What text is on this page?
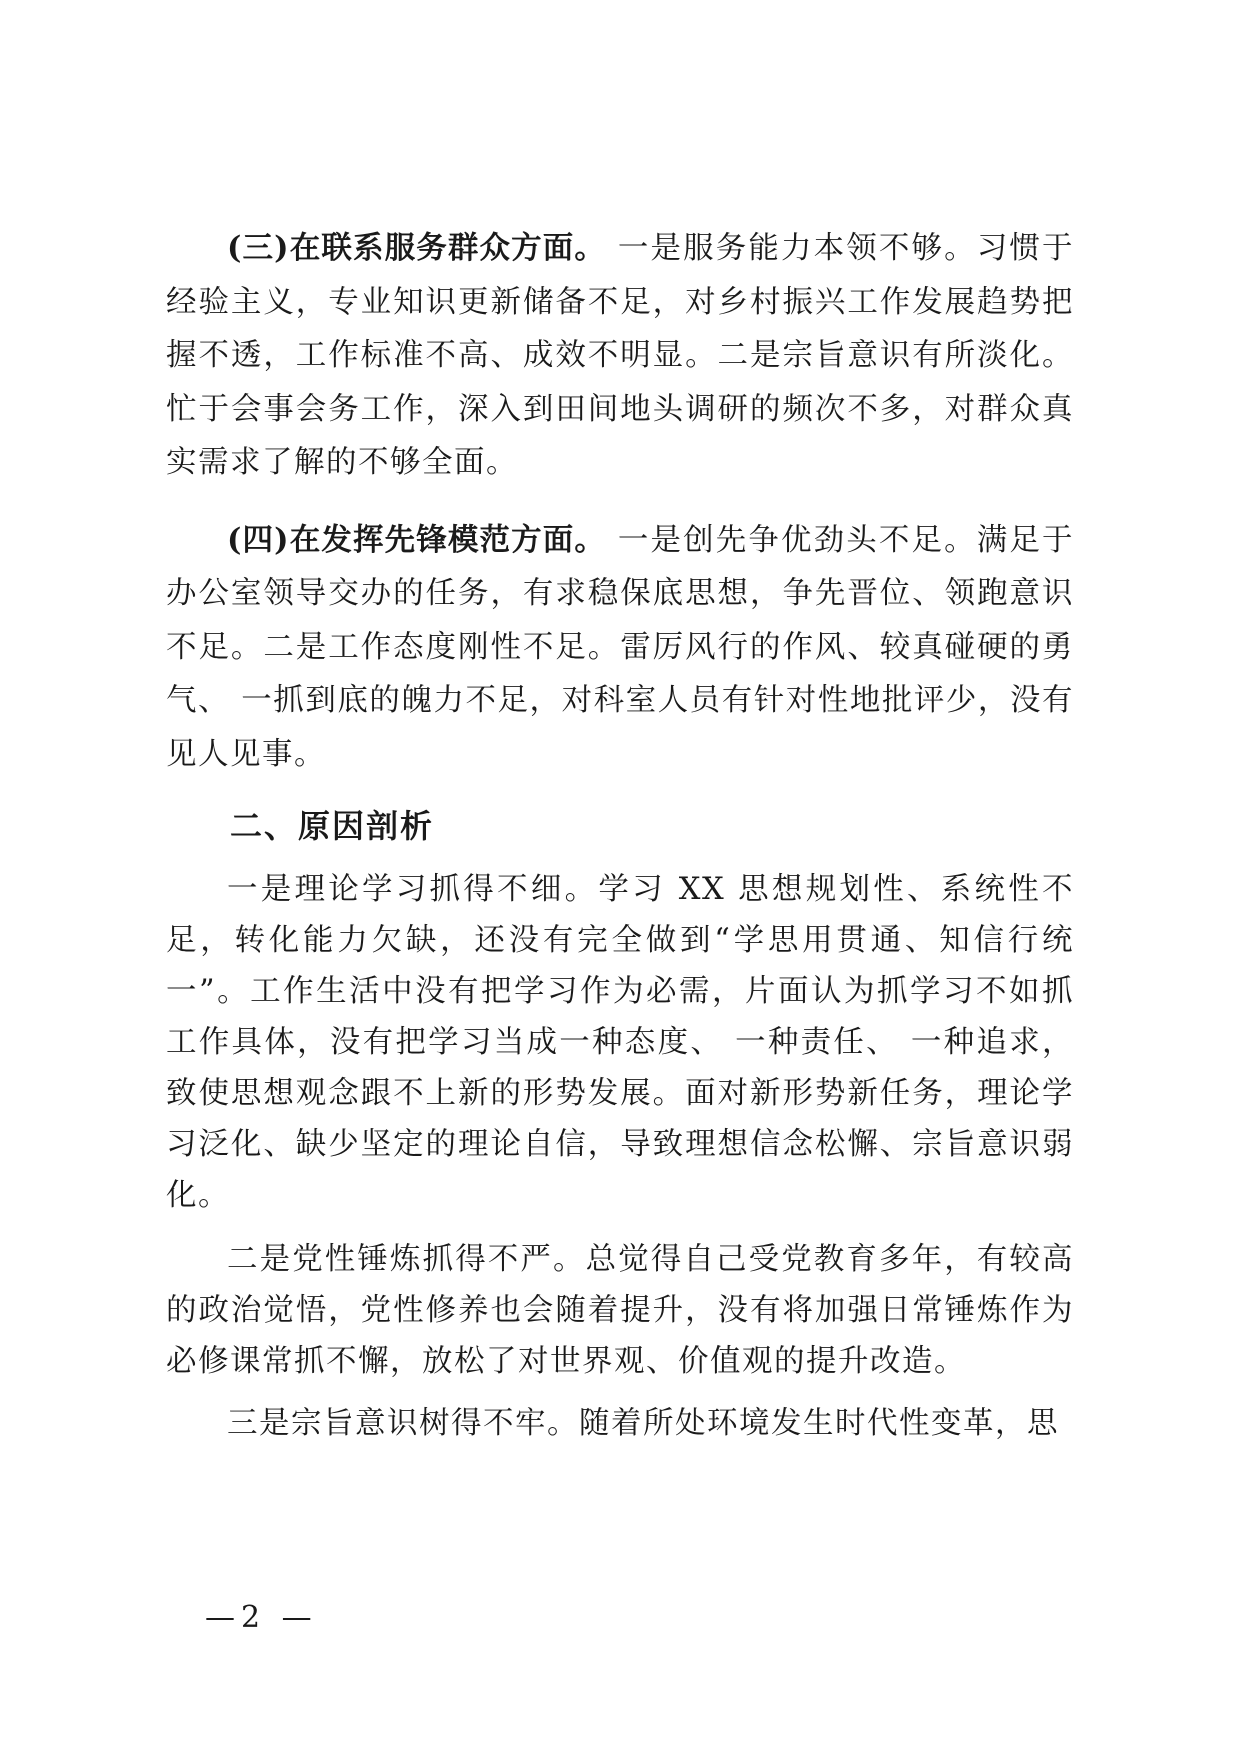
(三)在联系服务群众方面。 一是服务能力本领不够。习惯于经验主义，专业知识更新储备不足，对乡村振兴工作发展趋势把握不透，工作标准不高、成效不明显。二是宗旨意识有所淡化。忙于会事会务工作，深入到田间地头调研的频次不多，对群众真实需求了解的不够全面。

(四)在发挥先锋模范方面。 一是创先争优劲头不足。满足于办公室领导交办的任务，有求稳保底思想，争先晋位、领跑意识不足。二是工作态度刚性不足。雷厉风行的作风、较真碰硬的勇气、 一抓到底的魄力不足，对科室人员有针对性地批评少，没有见人见事。

二、原因剖析

一是理论学习抓得不细。学习 XX 思想规划性、系统性不足，转化能力欠缺，还没有完全做到“学思用贯通、知信行统一”。工作生活中没有把学习作为必需，片面认为抓学习不如抓工作具体，没有把学习当成一种态度、 一种责任、 一种追求，致使思想观念跟不上新的形势发展。面对新形势新任务，理论学习泛化、缺少坚定的理论自信，导致理想信念松懈、宗旨意识弱化。

二是党性锤炼抓得不严。总觉得自己受党教育多年，有较高的政治觉悟，党性修养也会随着提升，没有将加强日常锤炼作为必修课常抓不懈，放松了对世界观、价值观的提升改造。

三是宗旨意识树得不牢。随着所处环境发生时代性变革，思

—2 —
